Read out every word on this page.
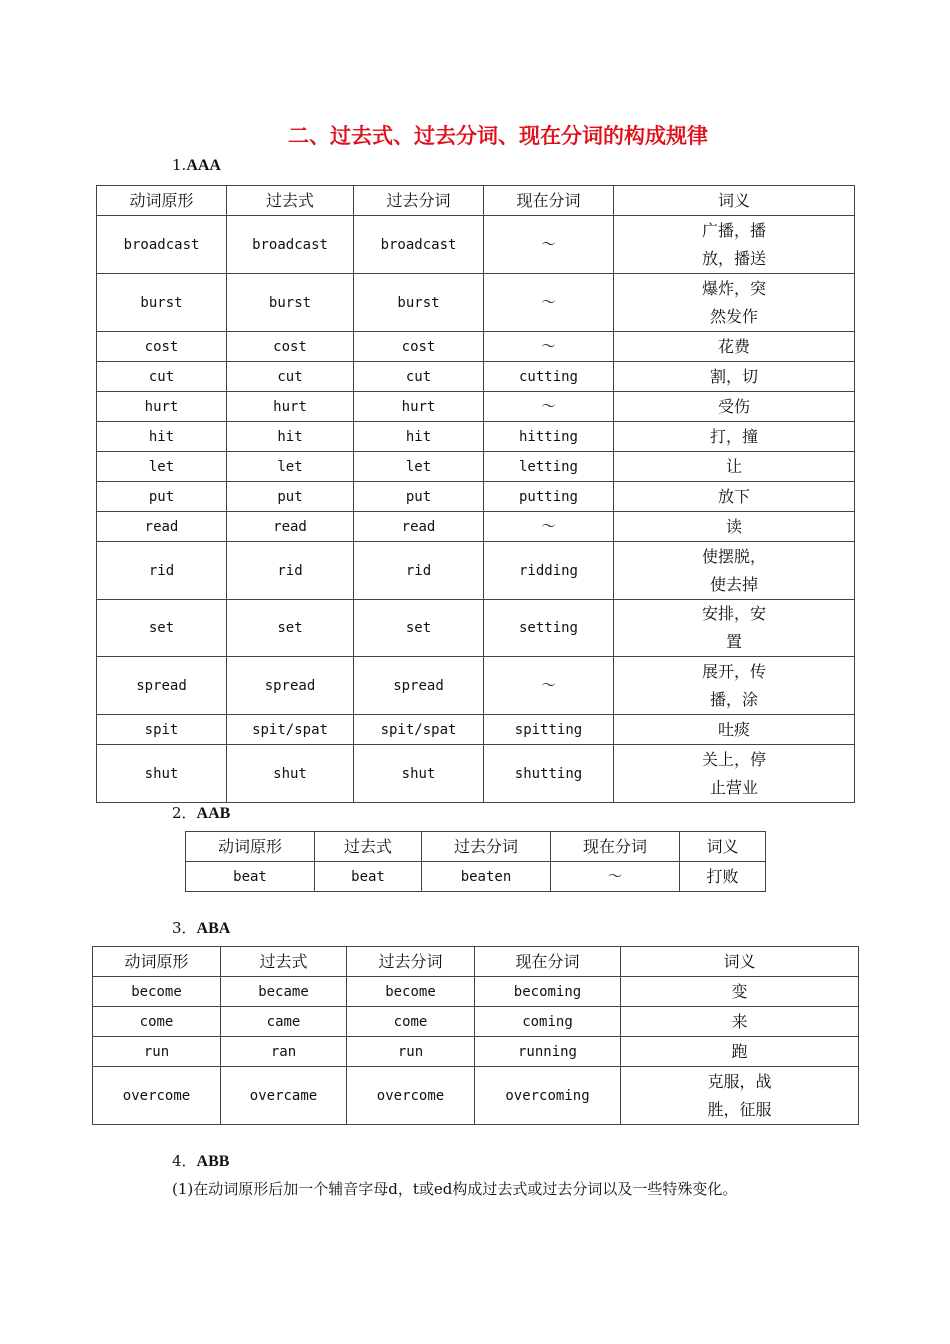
二、过去式、过去分词、现在分词的构成规律
1.AAA
动词原形	过去式	过去分词	现在分词	词义
broadcast	broadcast	broadcast	～	广播，播放，播送
burst	burst	burst	～	爆炸，突然发作
cost	cost	cost	～	花费
cut	cut	cut	cutting	割，切
hurt	hurt	hurt	～	受伤
hit	hit	hit	hitting	打，撞
let	let	let	letting	让
put	put	put	putting	放下
read	read	read	～	读
rid	rid	rid	ridding	使摆脱，使去掉
set	set	set	setting	安排，安置
spread	spread	spread	～	展开，传播，涂
spit	spit/spat	spit/spat	spitting	吐痰
shut	shut	shut	shutting	关上，停止营业
2．AAB
动词原形	过去式	过去分词	现在分词	词义
beat	beat	beaten	～	打败
3．ABA
动词原形	过去式	过去分词	现在分词	词义
become	became	become	becoming	变
come	came	come	coming	来
run	ran	run	running	跑
overcome	overcame	overcome	overcoming	克服，战胜，征服
4．ABB
(1)在动词原形后加一个辅音字母d，t或ed构成过去式或过去分词以及一些特殊变化。
